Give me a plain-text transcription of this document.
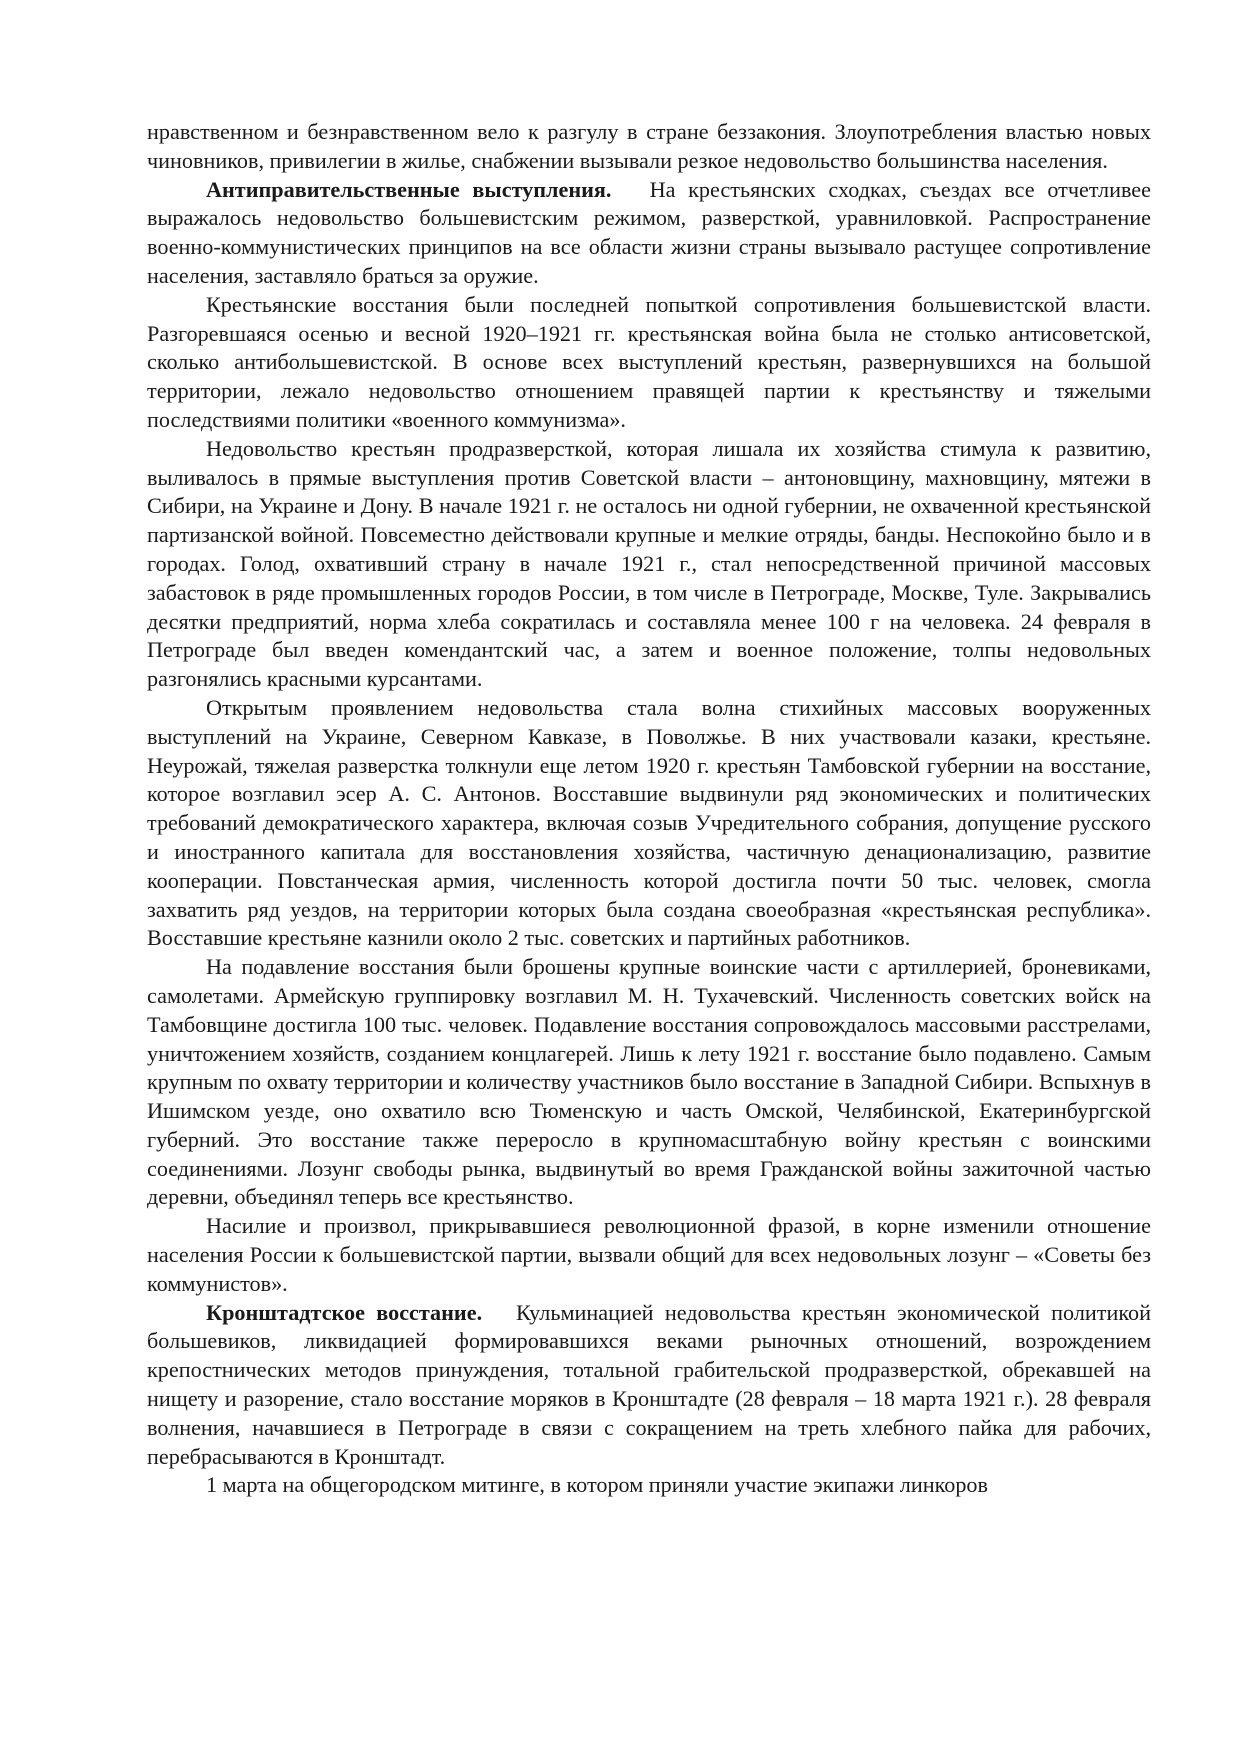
нравственном и безнравственном вело к разгулу в стране беззакония. Злоупотребления властью новых чиновников, привилегии в жилье, снабжении вызывали резкое недовольство большинства населения.

Антиправительственные выступления. На крестьянских сходках, съездах все отчетливее выражалось недовольство большевистским режимом, разверсткой, уравниловкой. Распространение военно-коммунистических принципов на все области жизни страны вызывало растущее сопротивление населения, заставляло браться за оружие.

Крестьянские восстания были последней попыткой сопротивления большевистской власти. Разгоревшаяся осенью и весной 1920–1921 гг. крестьянская война была не столько антисоветской, сколько антибольшевистской. В основе всех выступлений крестьян, развернувшихся на большой территории, лежало недовольство отношением правящей партии к крестьянству и тяжелыми последствиями политики «военного коммунизма».

Недовольство крестьян продразверсткой, которая лишала их хозяйства стимула к развитию, выливалось в прямые выступления против Советской власти – антоновщину, махновщину, мятежи в Сибири, на Украине и Дону. В начале 1921 г. не осталось ни одной губернии, не охваченной крестьянской партизанской войной. Повсеместно действовали крупные и мелкие отряды, банды. Неспокойно было и в городах. Голод, охвативший страну в начале 1921 г., стал непосредственной причиной массовых забастовок в ряде промышленных городов России, в том числе в Петрограде, Москве, Туле. Закрывались десятки предприятий, норма хлеба сократилась и составляла менее 100 г на человека. 24 февраля в Петрограде был введен комендантский час, а затем и военное положение, толпы недовольных разгонялись красными курсантами.

Открытым проявлением недовольства стала волна стихийных массовых вооруженных выступлений на Украине, Северном Кавказе, в Поволжье. В них участвовали казаки, крестьяне. Неурожай, тяжелая разверстка толкнули еще летом 1920 г. крестьян Тамбовской губернии на восстание, которое возглавил эсер А. С. Антонов. Восставшие выдвинули ряд экономических и политических требований демократического характера, включая созыв Учредительного собрания, допущение русского и иностранного капитала для восстановления хозяйства, частичную денационализацию, развитие кооперации. Повстанческая армия, численность которой достигла почти 50 тыс. человек, смогла захватить ряд уездов, на территории которых была создана своеобразная «крестьянская республика». Восставшие крестьяне казнили около 2 тыс. советских и партийных работников.

На подавление восстания были брошены крупные воинские части с артиллерией, броневиками, самолетами. Армейскую группировку возглавил М. Н. Тухачевский. Численность советских войск на Тамбовщине достигла 100 тыс. человек. Подавление восстания сопровождалось массовыми расстрелами, уничтожением хозяйств, созданием концлагерей. Лишь к лету 1921 г. восстание было подавлено. Самым крупным по охвату территории и количеству участников было восстание в Западной Сибири. Вспыхнув в Ишимском уезде, оно охватило всю Тюменскую и часть Омской, Челябинской, Екатеринбургской губерний. Это восстание также переросло в крупномасштабную войну крестьян с воинскими соединениями. Лозунг свободы рынка, выдвинутый во время Гражданской войны зажиточной частью деревни, объединял теперь все крестьянство.

Насилие и произвол, прикрывавшиеся революционной фразой, в корне изменили отношение населения России к большевистской партии, вызвали общий для всех недовольных лозунг – «Советы без коммунистов».

Кронштадтское восстание. Кульминацией недовольства крестьян экономической политикой большевиков, ликвидацией формировавшихся веками рыночных отношений, возрождением крепостнических методов принуждения, тотальной грабительской продразверсткой, обрекавшей на нищету и разорение, стало восстание моряков в Кронштадте (28 февраля – 18 марта 1921 г.). 28 февраля волнения, начавшиеся в Петрограде в связи с сокращением на треть хлебного пайка для рабочих, перебрасываются в Кронштадт.

1 марта на общегородском митинге, в котором приняли участие экипажи линкоров
